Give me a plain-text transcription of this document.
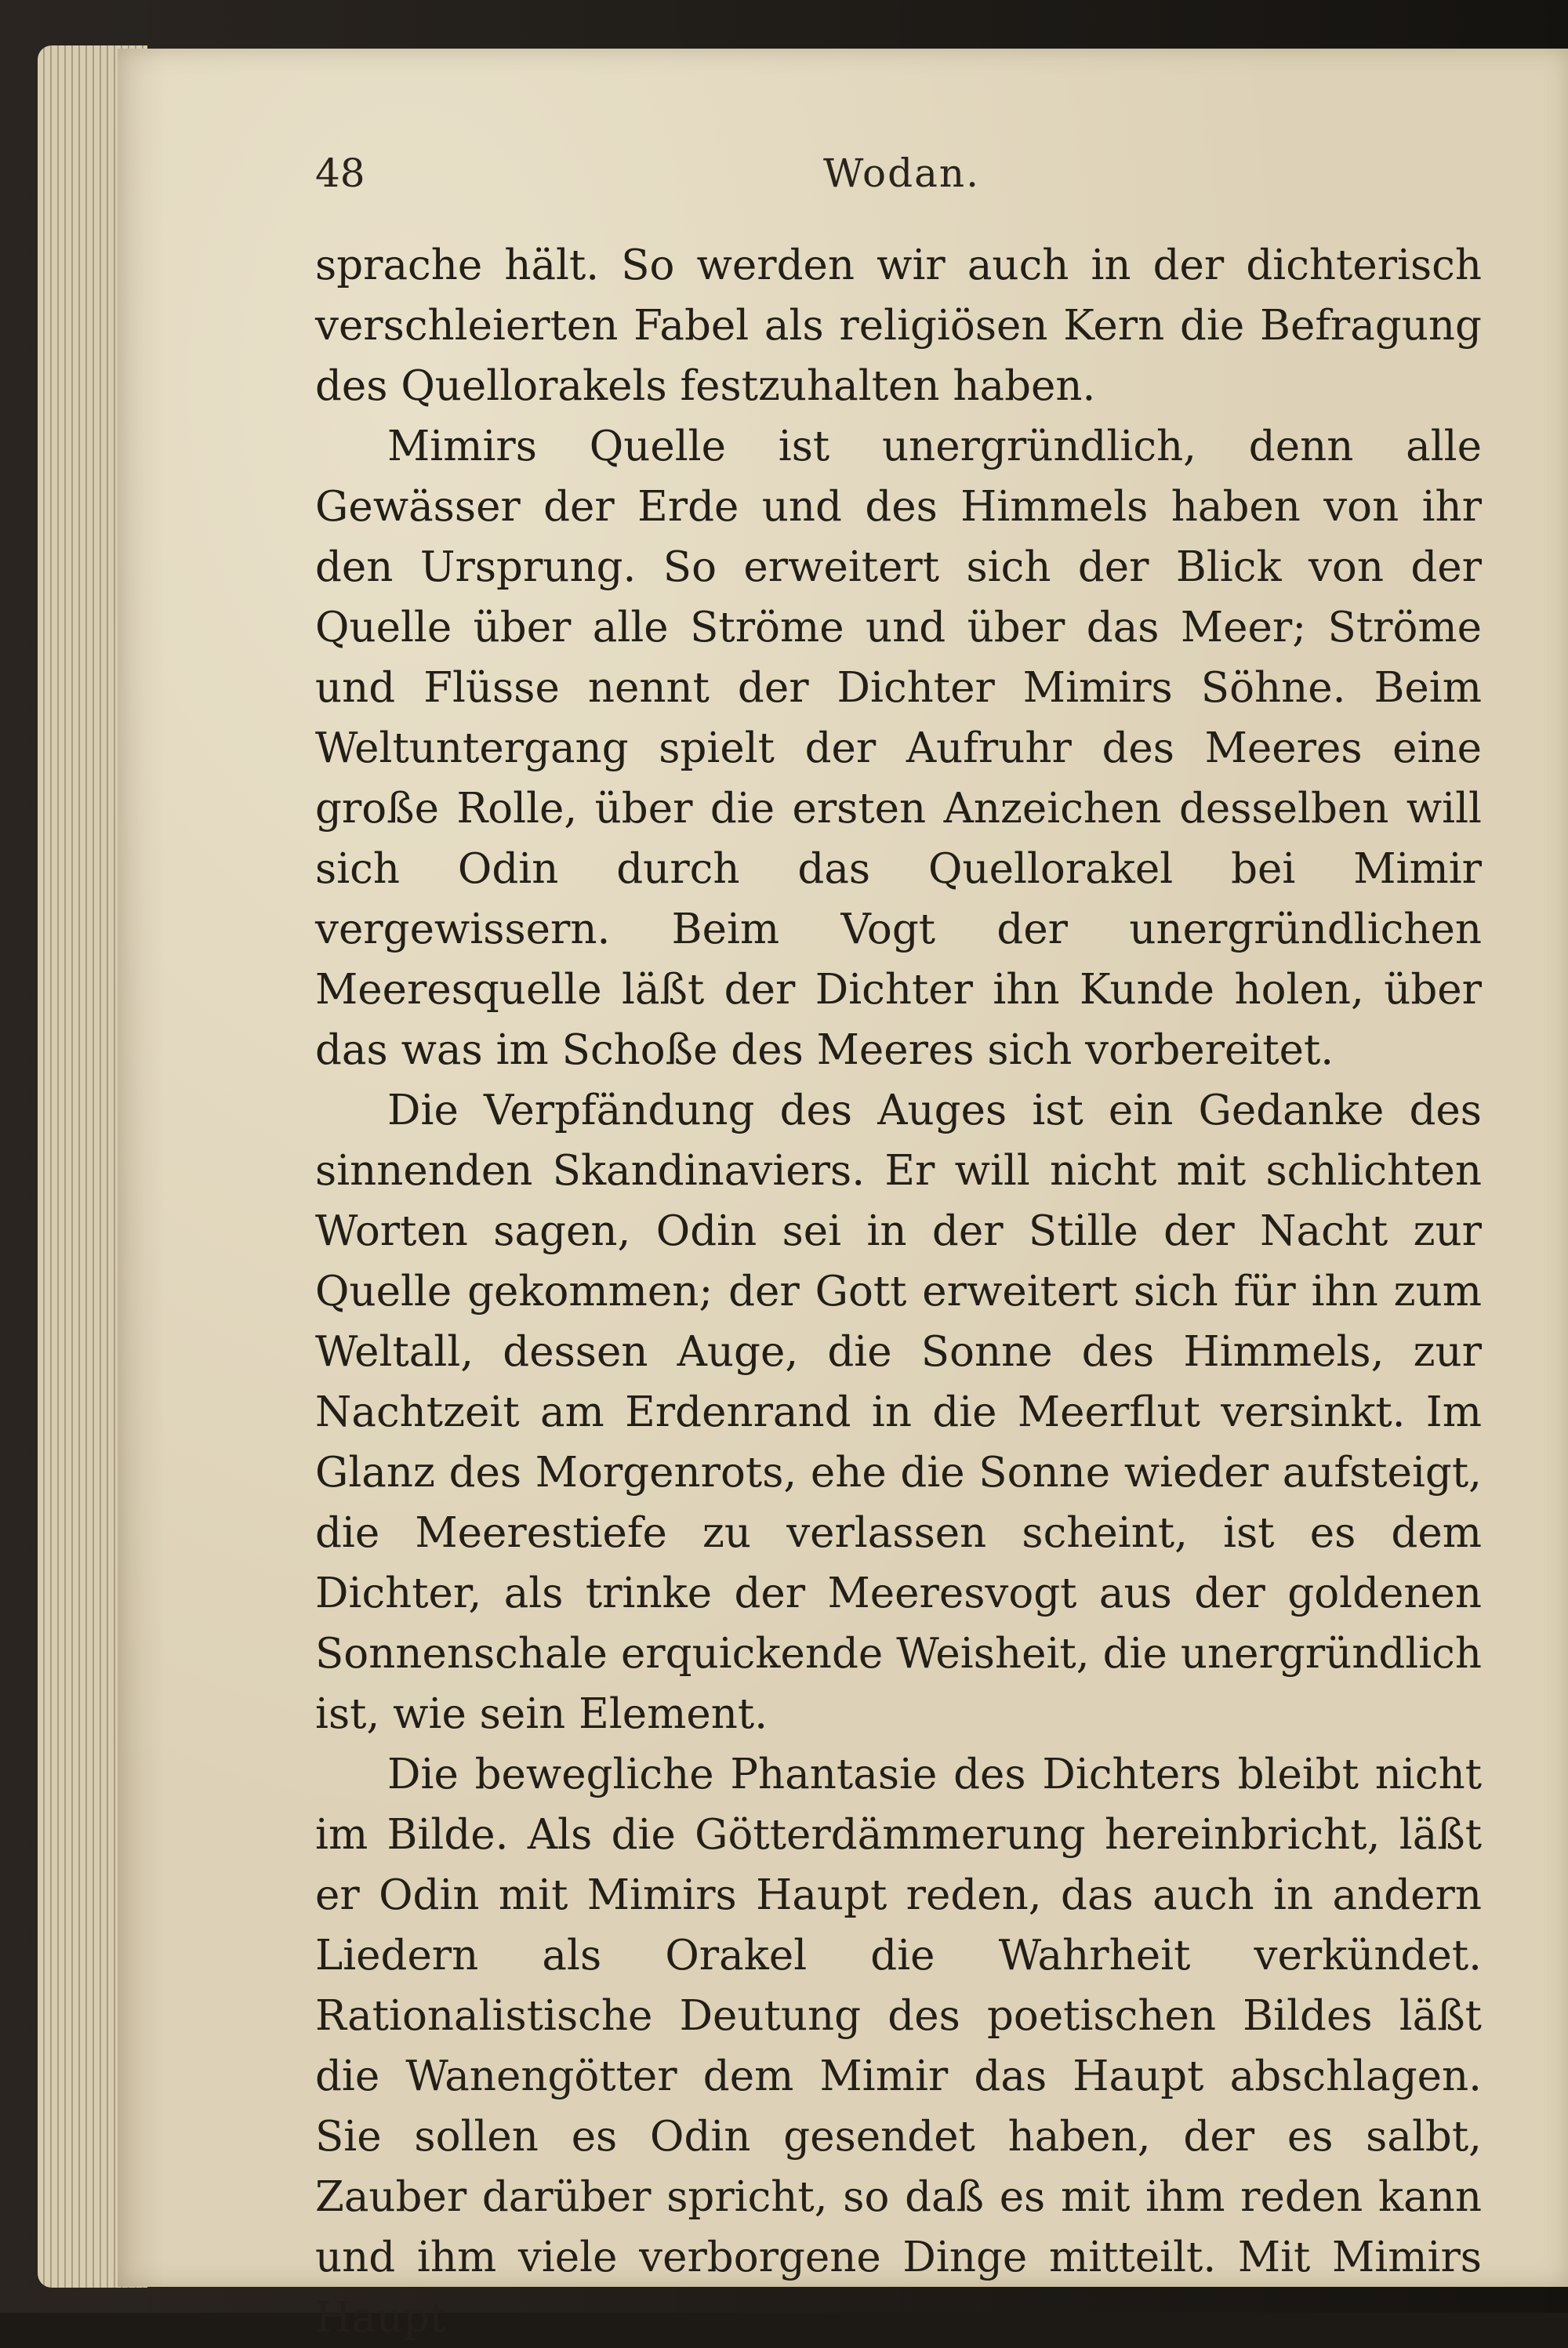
48	Wodan.

sprache hält. So werden wir auch in der dichterisch verschleierten Fabel als religiösen Kern die Befragung des Quellorakels festzuhalten haben.

Mimirs Quelle ist unergründlich, denn alle Gewässer der Erde und des Himmels haben von ihr den Ursprung. So erweitert sich der Blick von der Quelle über alle Ströme und über das Meer; Ströme und Flüsse nennt der Dichter Mimirs Söhne. Beim Weltuntergang spielt der Aufruhr des Meeres eine große Rolle, über die ersten Anzeichen desselben will sich Odin durch das Quellorakel bei Mimir vergewissern. Beim Vogt der unergründlichen Meeresquelle läßt der Dichter ihn Kunde holen, über das was im Schoße des Meeres sich vorbereitet.

Die Verpfändung des Auges ist ein Gedanke des sinnenden Skandinaviers. Er will nicht mit schlichten Worten sagen, Odin sei in der Stille der Nacht zur Quelle gekommen; der Gott erweitert sich für ihn zum Weltall, dessen Auge, die Sonne des Himmels, zur Nachtzeit am Erdenrand in die Meerflut versinkt. Im Glanz des Morgenrots, ehe die Sonne wieder aufsteigt, die Meerestiefe zu verlassen scheint, ist es dem Dichter, als trinke der Meeresvogt aus der goldenen Sonnenschale erquickende Weisheit, die unergründlich ist, wie sein Element.

Die bewegliche Phantasie des Dichters bleibt nicht im Bilde. Als die Götterdämmerung hereinbricht, läßt er Odin mit Mimirs Haupt reden, das auch in andern Liedern als Orakel die Wahrheit verkündet. Rationalistische Deutung des poetischen Bildes läßt die Wanengötter dem Mimir das Haupt abschlagen. Sie sollen es Odin gesendet haben, der es salbt, Zauber darüber spricht, so daß es mit ihm reden kann und ihm viele verborgene Dinge mitteilt. Mit Mimirs Haupt
